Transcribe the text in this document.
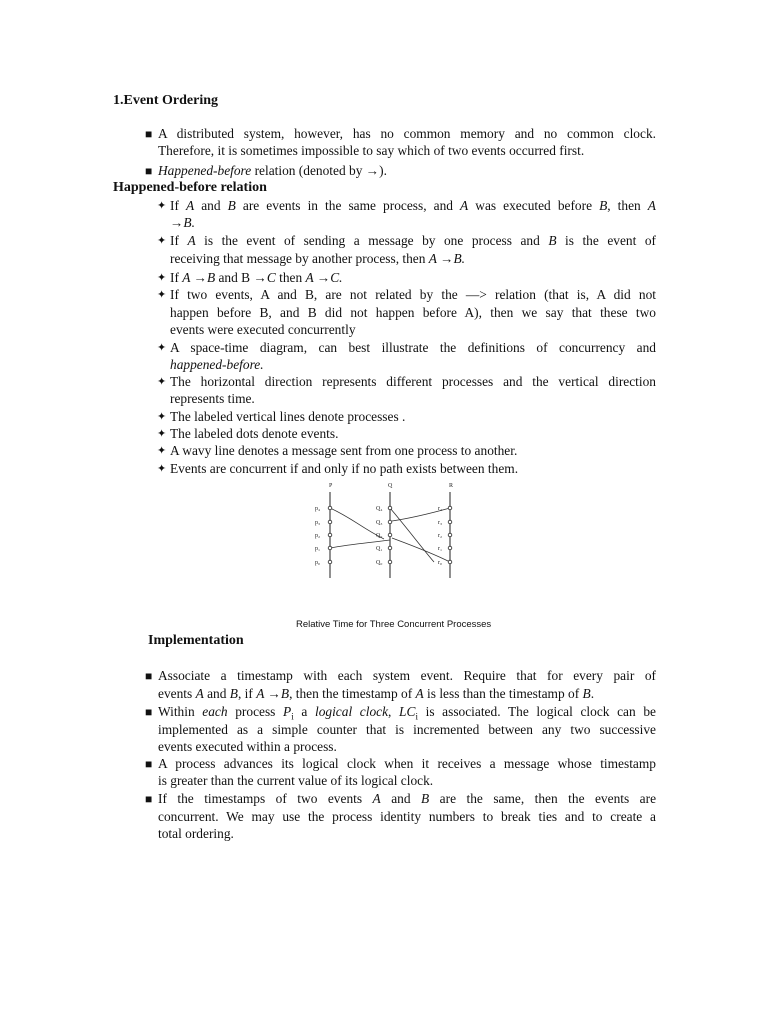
1.Event Ordering
■ A distributed system, however, has no common memory and no common clock.
Therefore, it is sometimes impossible to say which of two events occurred first.
■ Happened-before relation (denoted by →).
Happened-before relation
✦ If A and B are events in the same process, and A was executed before B, then A
→B.
✦ If A is the event of sending a message by one process and B is the event of
receiving that message by another process, then A →B.
✦ If A →B and B →C then A →C.
✦ If two events, A and B, are not related by the —> relation (that is, A did not
happen before B, and B did not happen before A), then we say that these two
events were executed concurrently
✦ A space-time diagram, can best illustrate the definitions of concurrency and
happened-before.
✦ The horizontal direction represents different processes and the vertical direction
represents time.
✦ The labeled vertical lines denote processes .
✦ The labeled dots denote events.
✦ A wavy line denotes a message sent from one process to another.
✦ Events are concurrent if and only if no path exists between them.
P	Q	R
p₄
p₃
p₂
p₁
p₀
Q₄
Q₃
Q₂
Q₁
Q₀
r₄
r₃
r₂
r₁
r₀
Relative Time for Three Concurrent Processes
Implementation
■ Associate a timestamp with each system event. Require that for every pair of
events A and B, if A →B, then the timestamp of A is less than the timestamp of B.
■ Within each process $P_i$ a logical clock, $LC_i$ is associated. The logical clock can be
implemented as a simple counter that is incremented between any two successive
events executed within a process.
■ A process advances its logical clock when it receives a message whose timestamp
is greater than the current value of its logical clock.
■ If the timestamps of two events A and B are the same, then the events are
concurrent. We may use the process identity numbers to break ties and to create a
total ordering.
